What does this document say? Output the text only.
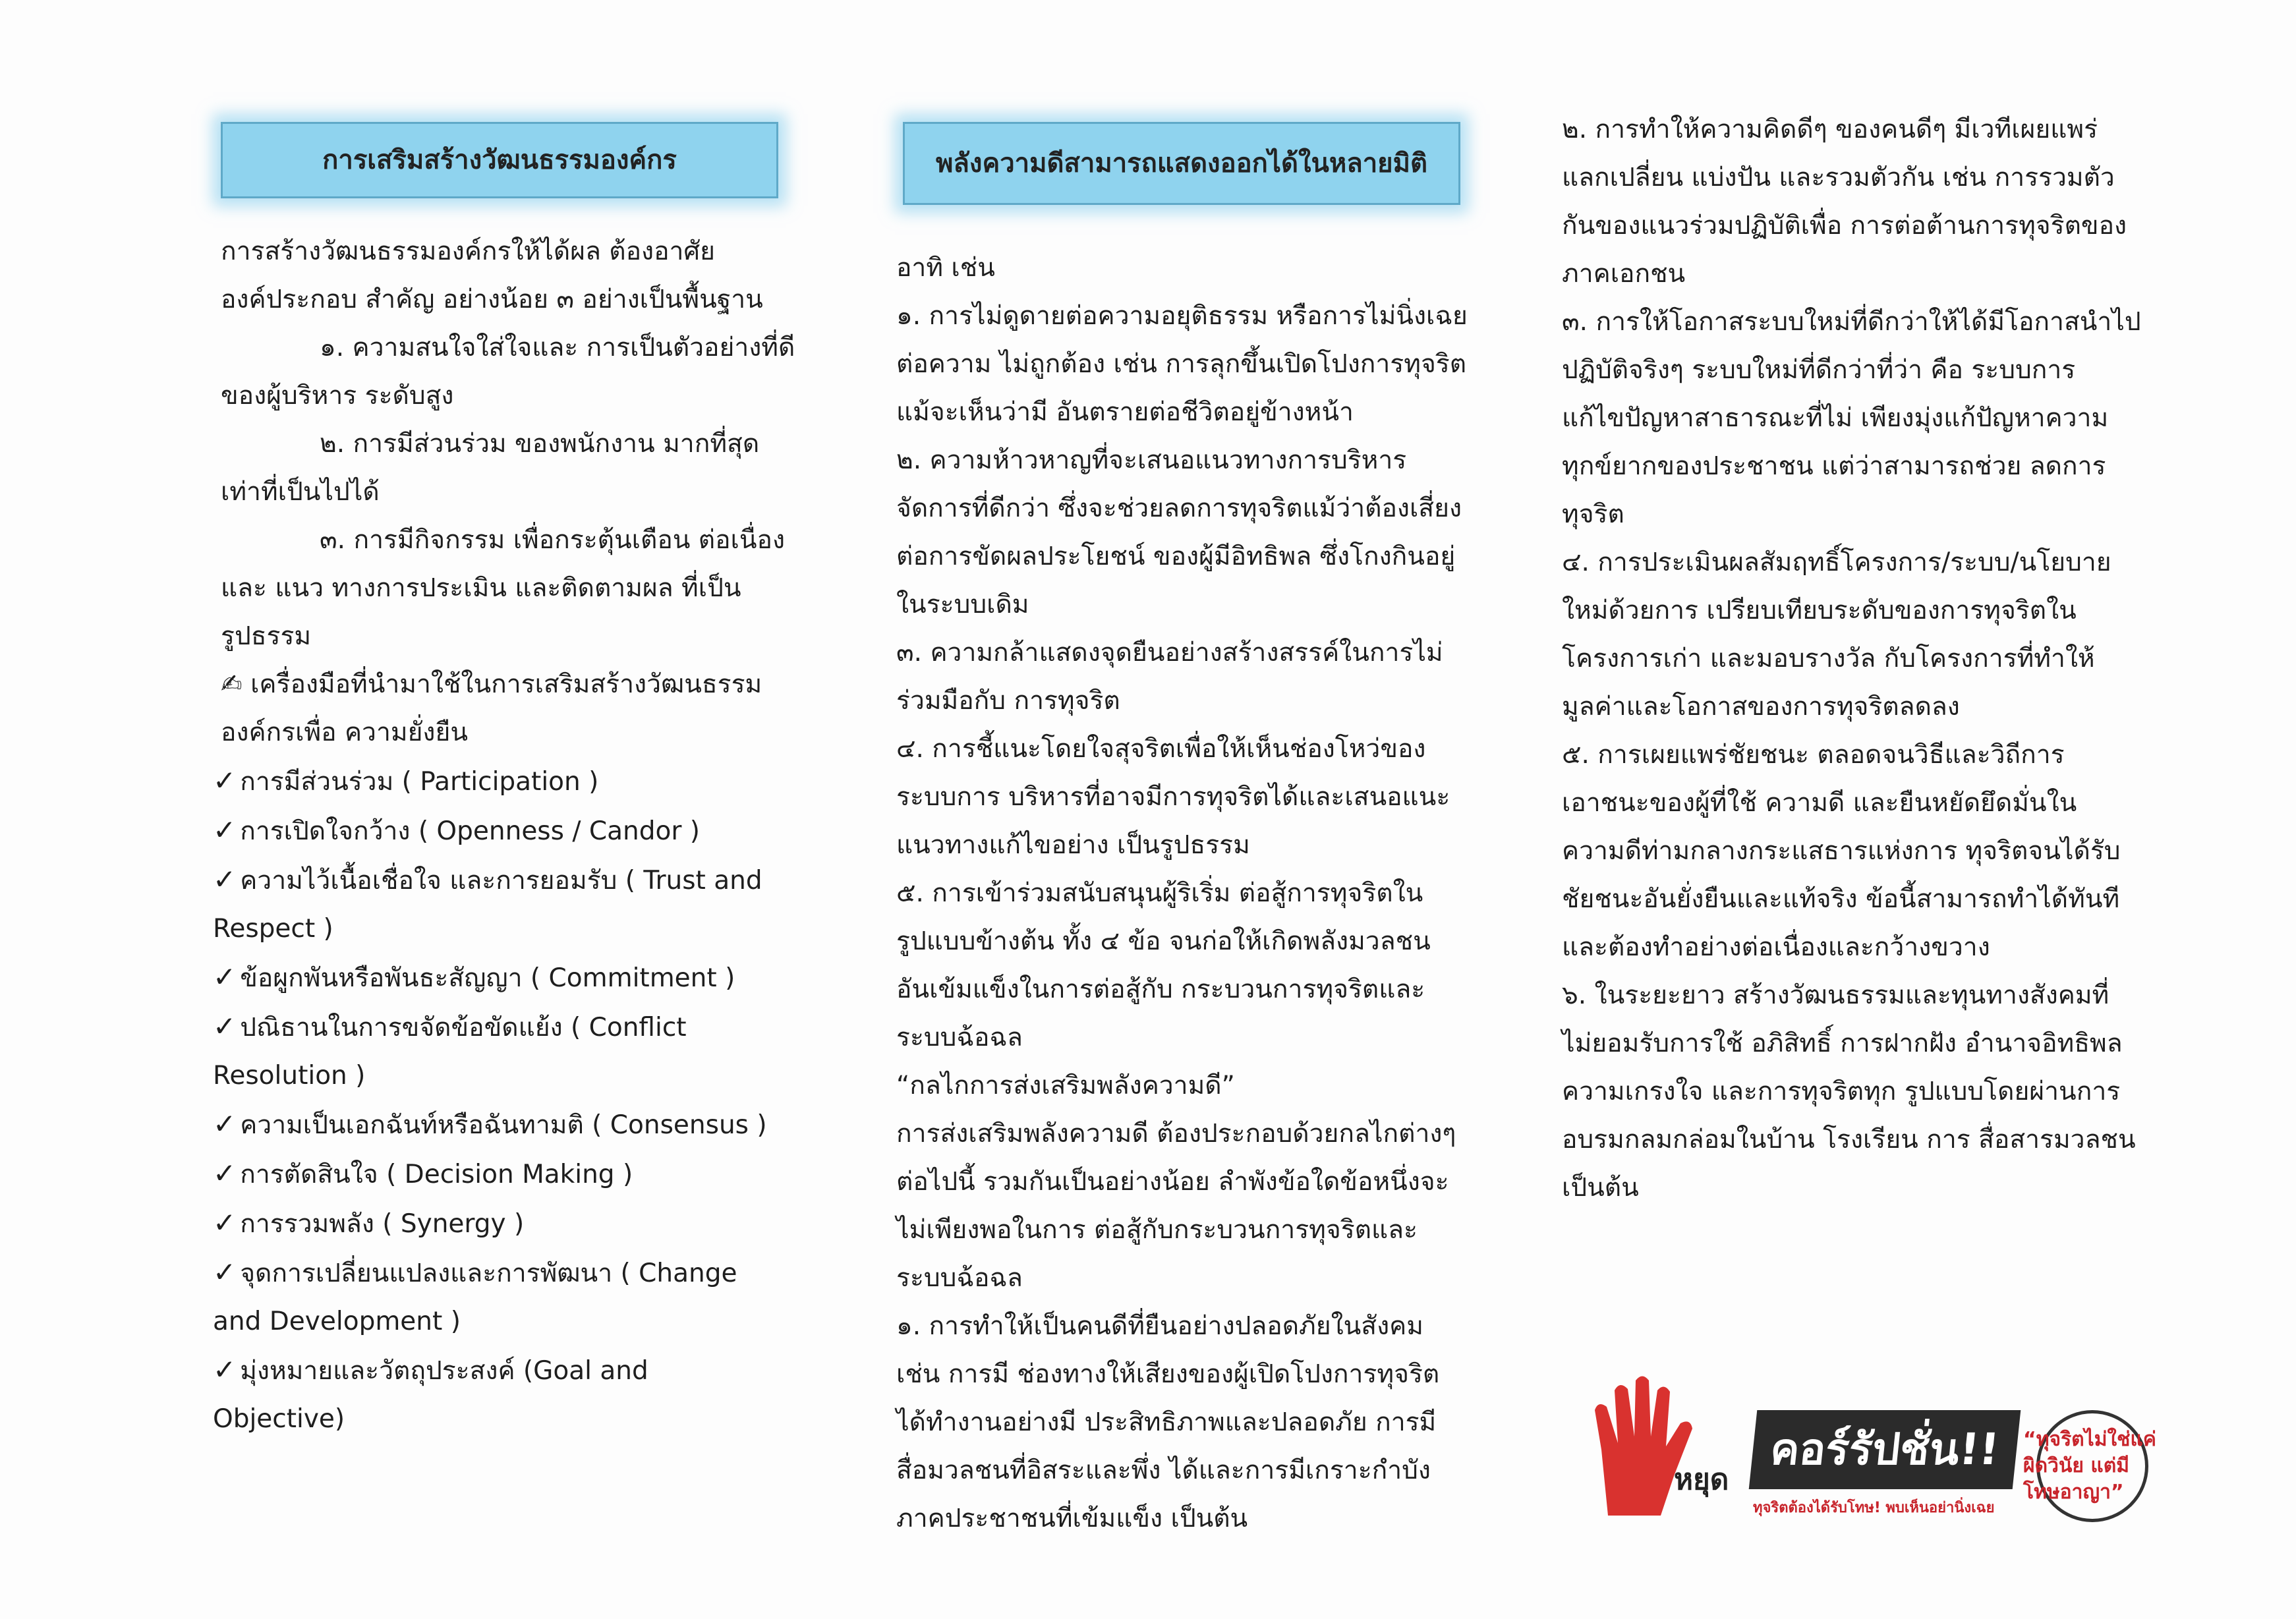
การเสริมสร้างวัฒนธรรมองค์กร	พลังความดีสามารถแสดงออกได้ในหลายมิติ
การสร้างวัฒนธรรมองค์กรให้ได้ผล ต้องอาศัย
องค์ประกอบ สำคัญ อย่างน้อย ๓ อย่างเป็นพื้นฐาน
๑. ความสนใจใส่ใจและ การเป็นตัวอย่างที่ดี
ของผู้บริหาร ระดับสูง
๒. การมีส่วนร่วม ของพนักงาน มากที่สุด
เท่าที่เป็นไปได้
๓. การมีกิจกรรม เพื่อกระตุ้นเตือน ต่อเนื่อง
และ แนว ทางการประเมิน และติดตามผล ที่เป็น
รูปธรรม
✍ เครื่องมือที่นำมาใช้ในการเสริมสร้างวัฒนธรรม
องค์กรเพื่อ ความยั่งยืน
✓ การมีส่วนร่วม ( Participation )
✓ การเปิดใจกว้าง ( Openness / Candor )
✓ ความไว้เนื้อเชื่อใจ และการยอมรับ ( Trust and
Respect )
✓ ข้อผูกพันหรือพันธะสัญญา ( Commitment )
✓ ปณิธานในการขจัดข้อขัดแย้ง ( Conflict
Resolution )
✓ ความเป็นเอกฉันท์หรือฉันทามติ ( Consensus )
✓ การตัดสินใจ ( Decision Making )
✓ การรวมพลัง ( Synergy )
✓ จุดการเปลี่ยนแปลงและการพัฒนา ( Change
and Development )
✓ มุ่งหมายและวัตถุประสงค์ (Goal and
Objective)
อาทิ เช่น
๑. การไม่ดูดายต่อความอยุติธรรม หรือการไม่นิ่งเฉย
ต่อความ ไม่ถูกต้อง เช่น การลุกขึ้นเปิดโปงการทุจริต
แม้จะเห็นว่ามี อันตรายต่อชีวิตอยู่ข้างหน้า
๒. ความห้าวหาญที่จะเสนอแนวทางการบริหาร
จัดการที่ดีกว่า ซึ่งจะช่วยลดการทุจริตแม้ว่าต้องเสี่ยง
ต่อการขัดผลประโยชน์ ของผู้มีอิทธิพล ซึ่งโกงกินอยู่
ในระบบเดิม
๓. ความกล้าแสดงจุดยืนอย่างสร้างสรรค์ในการไม่
ร่วมมือกับ การทุจริต
๔. การชี้แนะโดยใจสุจริตเพื่อให้เห็นช่องโหว่ของ
ระบบการ บริหารที่อาจมีการทุจริตได้และเสนอแนะ
แนวทางแก้ไขอย่าง เป็นรูปธรรม
๕. การเข้าร่วมสนับสนุนผู้ริเริ่ม ต่อสู้การทุจริตใน
รูปแบบข้างต้น ทั้ง ๔ ข้อ จนก่อให้เกิดพลังมวลชน
อันเข้มแข็งในการต่อสู้กับ กระบวนการทุจริตและ
ระบบฉ้อฉล
“กลไกการส่งเสริมพลังความดี”
การส่งเสริมพลังความดี ต้องประกอบด้วยกลไกต่างๆ
ต่อไปนี้ รวมกันเป็นอย่างน้อย ลำพังข้อใดข้อหนึ่งจะ
ไม่เพียงพอในการ ต่อสู้กับกระบวนการทุจริตและ
ระบบฉ้อฉล
๑. การทำให้เป็นคนดีที่ยืนอย่างปลอดภัยในสังคม
เช่น การมี ช่องทางให้เสียงของผู้เปิดโปงการทุจริต
ได้ทำงานอย่างมี ประสิทธิภาพและปลอดภัย การมี
สื่อมวลชนที่อิสระและพึ่ง ได้และการมีเกราะกำบัง
ภาคประชาชนที่เข้มแข็ง เป็นต้น
๒. การทำให้ความคิดดีๆ ของคนดีๆ มีเวทีเผยแพร่
แลกเปลี่ยน แบ่งปัน และรวมตัวกัน เช่น การรวมตัว
กันของแนวร่วมปฏิบัติเพื่อ การต่อต้านการทุจริตของ
ภาคเอกชน
๓. การให้โอกาสระบบใหม่ที่ดีกว่าให้ได้มีโอกาสนำไป
ปฏิบัติจริงๆ ระบบใหม่ที่ดีกว่าที่ว่า คือ ระบบการ
แก้ไขปัญหาสาธารณะที่ไม่ เพียงมุ่งแก้ปัญหาความ
ทุกข์ยากของประชาชน แต่ว่าสามารถช่วย ลดการ
ทุจริต
๔. การประเมินผลสัมฤทธิ์โครงการ/ระบบ/นโยบาย
ใหม่ด้วยการ เปรียบเทียบระดับของการทุจริตใน
โครงการเก่า และมอบรางวัล กับโครงการที่ทำให้
มูลค่าและโอกาสของการทุจริตลดลง
๕. การเผยแพร่ชัยชนะ ตลอดจนวิธีและวิถีการ
เอาชนะของผู้ที่ใช้ ความดี และยืนหยัดยึดมั่นใน
ความดีท่ามกลางกระแสธารแห่งการ ทุจริตจนได้รับ
ชัยชนะอันยั่งยืนและแท้จริง ข้อนี้สามารถทำได้ทันที
และต้องทำอย่างต่อเนื่องและกว้างขวาง
๖. ในระยะยาว สร้างวัฒนธรรมและทุนทางสังคมที่
ไม่ยอมรับการใช้ อภิสิทธิ์ การฝากฝัง อำนาจอิทธิพล
ความเกรงใจ และการทุจริตทุก รูปแบบโดยผ่านการ
อบรมกลมกล่อมในบ้าน โรงเรียน การ สื่อสารมวลชน
เป็นต้น
หยุด
คอร์รัปชั่น!!
ทุจริตต้องได้รับโทษ! พบเห็นอย่านิ่งเฉย
“ทุจริตไม่ใช่แค่ผิดวินัย แต่มีโทษอาญา”
